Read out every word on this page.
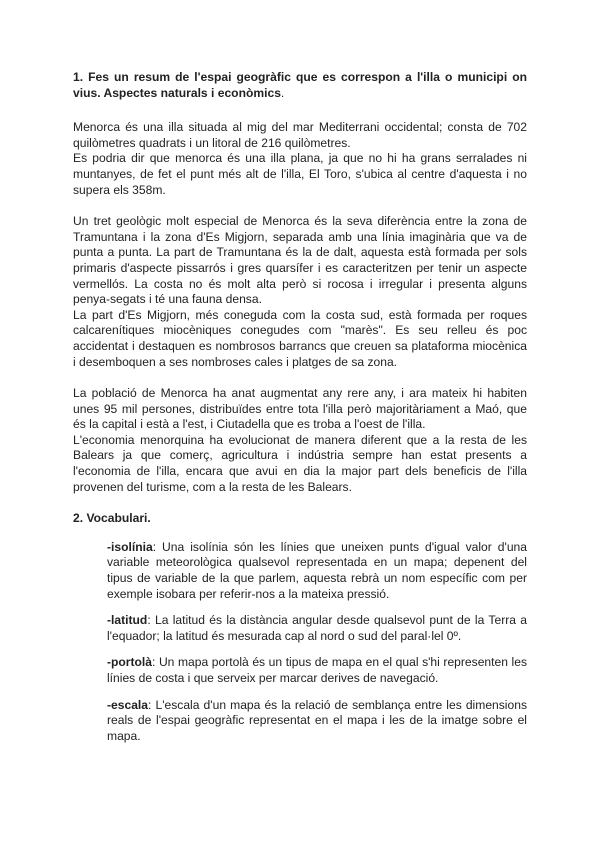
1. Fes un resum de l'espai geogràfic que es correspon a l'illa o municipi on vius. Aspectes naturals i econòmics.

Menorca és una illa situada al mig del mar Mediterrani occidental; consta de 702 quilòmetres quadrats i un litoral de 216 quilòmetres.

Es podria dir que menorca és una illa plana, ja que no hi ha grans serralades ni muntanyes, de fet el punt més alt de l'illa, El Toro, s'ubica al centre d'aquesta i no supera els 358m.

Un tret geològic molt especial de Menorca és la seva diferència entre la zona de Tramuntana i la zona d'Es Migjorn, separada amb una línia imaginària que va de punta a punta. La part de Tramuntana és la de dalt, aquesta està formada per sols primaris d'aspecte pissarrós i gres quarsífer i es caracteritzen per tenir un aspecte vermellós. La costa no és molt alta però si rocosa i irregular i presenta alguns penya-segats i té una fauna densa.

La part d'Es Migjorn, més coneguda com la costa sud, està formada per roques calcarenítiques miocèniques conegudes com "marès". Es seu relleu és poc accidentat i destaquen es nombrosos barrancs que creuen sa plataforma miocènica i desemboquen a ses nombroses cales i platges de sa zona.

La població de Menorca ha anat augmentat any rere any, i ara mateix hi habiten unes 95 mil persones, distribuïdes entre tota l'illa però majoritàriament a Maó, que és la capital i està a l'est, i Ciutadella que es troba a l'oest de l'illa.

L'economia menorquina ha evolucionat de manera diferent que a la resta de les Balears ja que comerç, agricultura i indústria sempre han estat presents a l'economia de l'illa, encara que avui en dia la major part dels beneficis de l'illa provenen del turisme, com a la resta de les Balears.

2. Vocabulari.

-isolínia: Una isolínia són les línies que uneixen punts d'igual valor d'una variable meteorològica qualsevol representada en un mapa; depenent del tipus de variable de la que parlem, aquesta rebrà un nom específic com per exemple isobara per referir-nos a la mateixa pressió.

-latitud: La latitud és la distància angular desde qualsevol punt de la Terra a l'equador; la latitud és mesurada cap al nord o sud del paral·lel 0º.

-portolà: Un mapa portolà és un tipus de mapa en el qual s'hi representen les línies de costa i que serveix per marcar derives de navegació.

-escala: L'escala d'un mapa és la relació de semblança entre les dimensions reals de l'espai geogràfic representat en el mapa i les de la imatge sobre el mapa.
